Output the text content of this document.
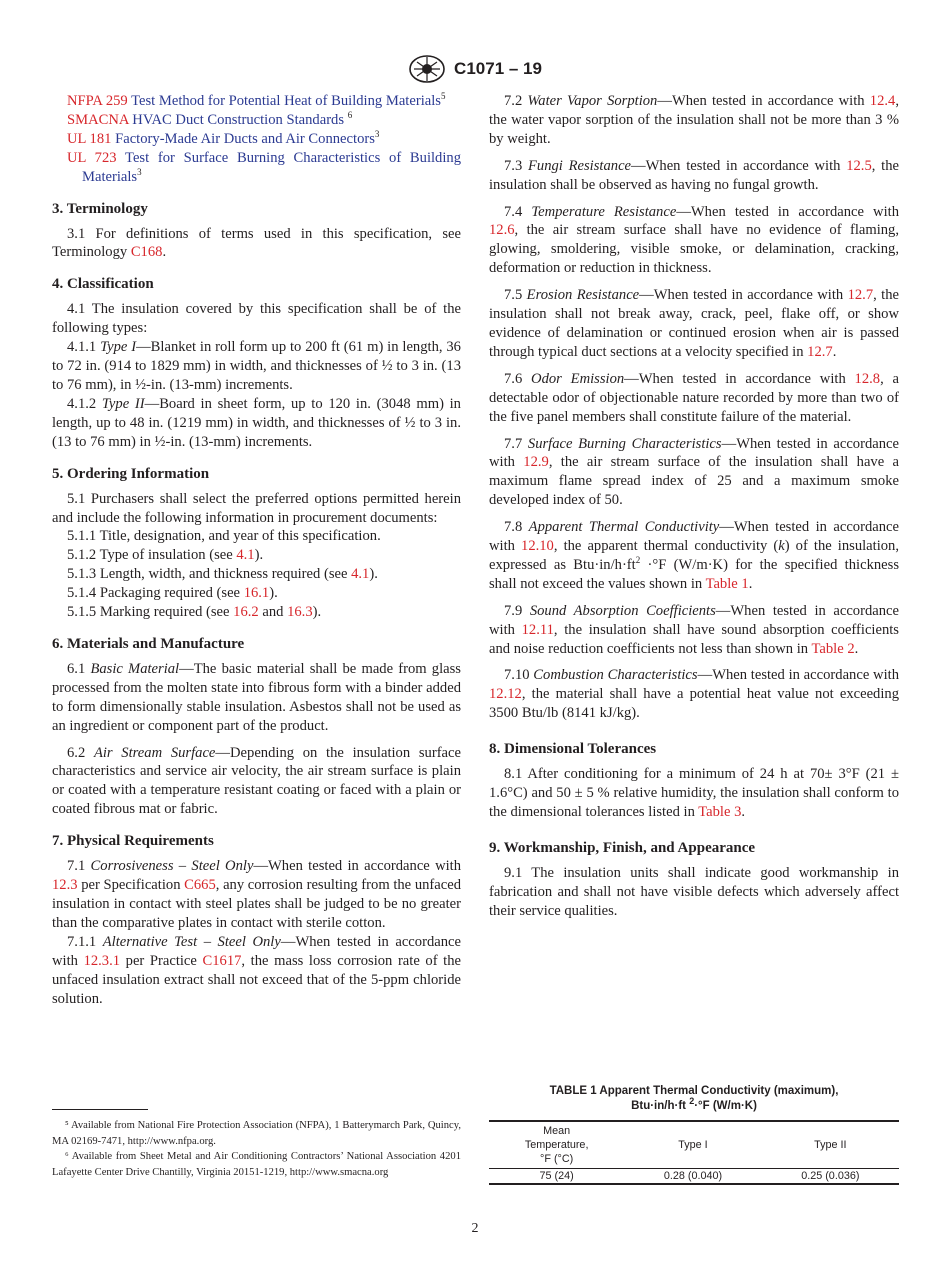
C1071 – 19

NFPA 259 Test Method for Potential Heat of Building Materials$^5$

SMACNA HVAC Duct Construction Standards $^6$

UL 181 Factory-Made Air Ducts and Air Connectors$^3$

UL 723 Test for Surface Burning Characteristics of Building Materials$^3$

3. Terminology

3.1 For definitions of terms used in this specification, see Terminology C168.

4. Classification

4.1 The insulation covered by this specification shall be of the following types:

4.1.1 Type I—Blanket in roll form up to 200 ft (61 m) in length, 36 to 72 in. (914 to 1829 mm) in width, and thicknesses of ½ to 3 in. (13 to 76 mm), in ½-in. (13-mm) increments.

4.1.2 Type II—Board in sheet form, up to 120 in. (3048 mm) in length, up to 48 in. (1219 mm) in width, and thicknesses of ½ to 3 in. (13 to 76 mm) in ½-in. (13-mm) increments.

5. Ordering Information

5.1 Purchasers shall select the preferred options permitted herein and include the following information in procurement documents:

5.1.1 Title, designation, and year of this specification.

5.1.2 Type of insulation (see 4.1).

5.1.3 Length, width, and thickness required (see 4.1).

5.1.4 Packaging required (see 16.1).

5.1.5 Marking required (see 16.2 and 16.3).

6. Materials and Manufacture

6.1 Basic Material—The basic material shall be made from glass processed from the molten state into fibrous form with a binder added to form dimensionally stable insulation. Asbestos shall not be used as an ingredient or component part of the product.

6.2 Air Stream Surface—Depending on the insulation surface characteristics and service air velocity, the air stream surface is plain or coated with a temperature resistant coating or faced with a plain or coated fibrous mat or fabric.

7. Physical Requirements

7.1 Corrosiveness – Steel Only—When tested in accordance with 12.3 per Specification C665, any corrosion resulting from the unfaced insulation in contact with steel plates shall be judged to be no greater than the comparative plates in contact with sterile cotton.

7.1.1 Alternative Test – Steel Only—When tested in accordance with 12.3.1 per Practice C1617, the mass loss corrosion rate of the unfaced insulation extract shall not exceed that of the 5-ppm chloride solution.

7.2 Water Vapor Sorption—When tested in accordance with 12.4, the water vapor sorption of the insulation shall not be more than 3 % by weight.

7.3 Fungi Resistance—When tested in accordance with 12.5, the insulation shall be observed as having no fungal growth.

7.4 Temperature Resistance—When tested in accordance with 12.6, the air stream surface shall have no evidence of flaming, glowing, smoldering, visible smoke, or delamination, cracking, deformation or reduction in thickness.

7.5 Erosion Resistance—When tested in accordance with 12.7, the insulation shall not break away, crack, peel, flake off, or show evidence of delamination or continued erosion when air is passed through typical duct sections at a velocity specified in 12.7.

7.6 Odor Emission—When tested in accordance with 12.8, a detectable odor of objectionable nature recorded by more than two of the five panel members shall constitute failure of the material.

7.7 Surface Burning Characteristics—When tested in accordance with 12.9, the air stream surface of the insulation shall have a maximum flame spread index of 25 and a maximum smoke developed index of 50.

7.8 Apparent Thermal Conductivity—When tested in accordance with 12.10, the apparent thermal conductivity (k) of the insulation, expressed as $Btu\cdot in/h\cdot ft^2 \cdot^\circ F$ (W/m·K) for the specified thickness shall not exceed the values shown in Table 1.

7.9 Sound Absorption Coefficients—When tested in accordance with 12.11, the insulation shall have sound absorption coefficients and noise reduction coefficients not less than shown in Table 2.

7.10 Combustion Characteristics—When tested in accordance with 12.12, the material shall have a potential heat value not exceeding 3500 Btu/lb (8141 kJ/kg).

8. Dimensional Tolerances

8.1 After conditioning for a minimum of 24 h at 70± 3°F (21 ± 1.6°C) and 50 ± 5 % relative humidity, the insulation shall conform to the dimensional tolerances listed in Table 3.

9. Workmanship, Finish, and Appearance

9.1 The insulation units shall indicate good workmanship in fabrication and shall not have visible defects which adversely affect their service qualities.

⁵ Available from National Fire Protection Association (NFPA), 1 Batterymarch Park, Quincy, MA 02169-7471, http://www.nfpa.org.

⁶ Available from Sheet Metal and Air Conditioning Contractors’ National Association 4201 Lafayette Center Drive Chantilly, Virginia 20151-1219, http://www.smacna.org

TABLE 1 Apparent Thermal Conductivity (maximum),
Btu·in/h·ft $^2$·°F (W/m·K)
Mean
Temperature,
°F (°C)	Type I	Type II
75 (24)	0.28 (0.040)	0.25 (0.036)
2
